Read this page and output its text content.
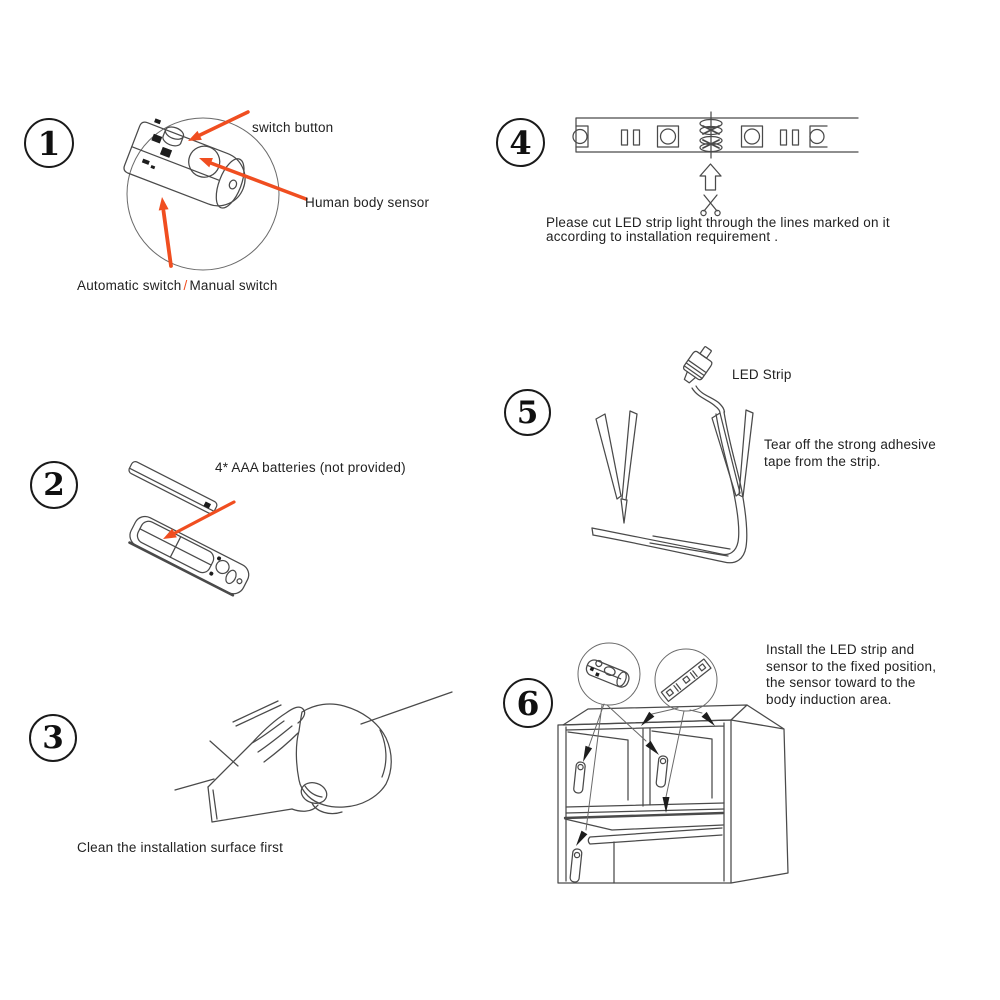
1	4
2
5
3
6
switch button
Human body sensor
Automatic switch / Manual switch
4* AAA batteries (not provided)
Clean the installation surface first
Please cut LED strip light through the lines marked on it
according to installation requirement .
LED Strip
Tear off the strong adhesive
tape from the strip.
Install the LED strip and
sensor to the fixed position,
the sensor toward to the
body induction area.
